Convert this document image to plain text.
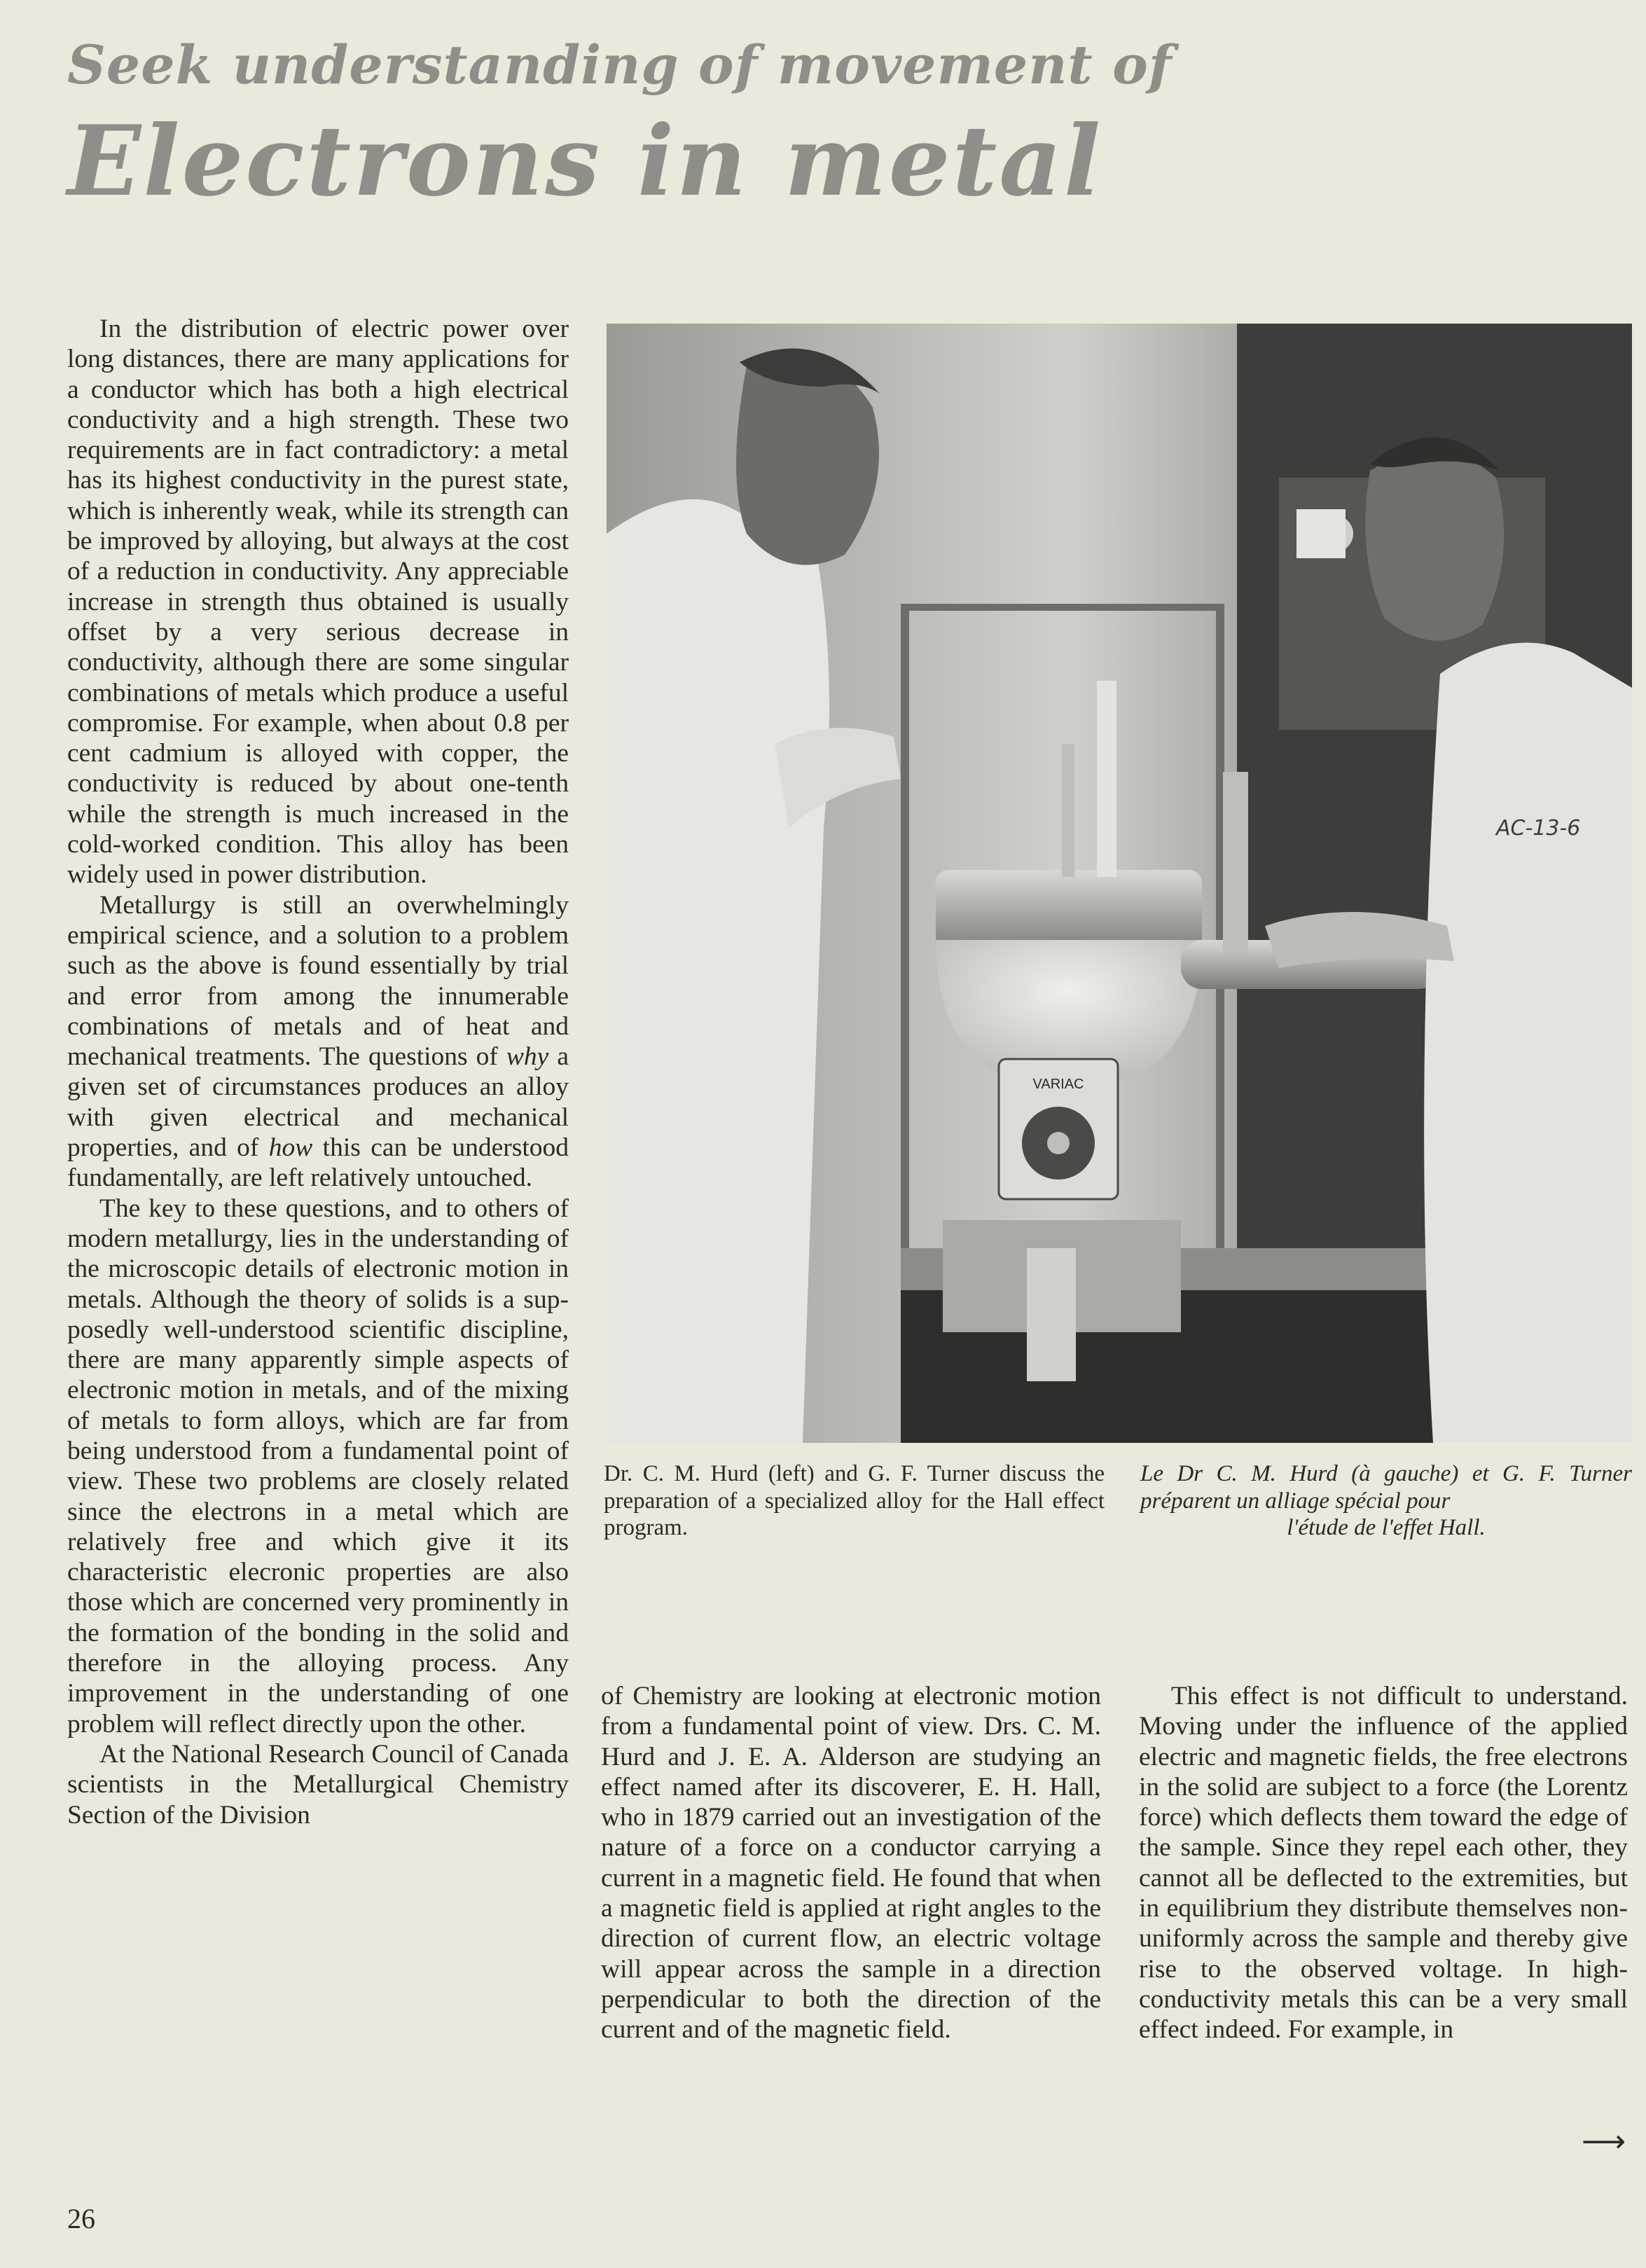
Seek understanding of movement of
Electrons in metal

In the distribution of electric power over long distances, there are many applications for a conductor which has both a high electrical conductivity and a high strength. These two requirements are in fact contradictory: a metal has its highest conductivity in the purest state, which is inherently weak, while its strength can be improved by alloying, but always at the cost of a reduction in conductivity. Any appreciable increase in strength thus obtained is usually offset by a very serious decrease in conductivity, although there are some singular combinations of metals which produce a useful compromise. For example, when about 0.8 per cent cadmium is alloyed with copper, the conductivity is reduced by about one-tenth while the strength is much increased in the cold-worked condition. This alloy has been widely used in power distribution.

Metallurgy is still an overwhelmingly empirical science, and a solution to a problem such as the above is found essentially by trial and error from among the innumerable combinations of metals and of heat and mechanical treatments. The questions of why a given set of circumstances produces an alloy with given electrical and mechanical properties, and of how this can be understood fundamentally, are left relatively untouched.

The key to these questions, and to others of modern metallurgy, lies in the understanding of the microscopic details of electronic motion in metals. Although the theory of solids is a supposedly well-understood scientific discipline, there are many apparently simple aspects of electronic motion in metals, and of the mixing of metals to form alloys, which are far from being understood from a fundamental point of view. These two problems are closely related since the electrons in a metal which are relatively free and which give it its characteristic elecronic properties are also those which are concerned very prominently in the formation of the bonding in the solid and therefore in the alloying process. Any improvement in the understanding of one problem will reflect directly upon the other.

At the National Research Council of Canada scientists in the Metallurgical Chemistry Section of the Division

VARIAC
AC-13-6
Dr. C. M. Hurd (left) and G. F. Turner discuss the preparation of a specialized alloy for the Hall effect program.
Le Dr C. M. Hurd (à gauche) et G. F. Turner préparent un alliage spécial pour
l'étude de l'effet Hall.

of Chemistry are looking at electronic motion from a fundamental point of view. Drs. C. M. Hurd and J. E. A. Alderson are studying an effect named after its discoverer, E. H. Hall, who in 1879 carried out an investigation of the nature of a force on a conductor carrying a current in a magnetic field. He found that when a magnetic field is applied at right angles to the direction of current flow, an electric voltage will appear across the sample in a direction perpendicular to both the direction of the current and of the magnetic field.

This effect is not difficult to understand. Moving under the influence of the applied electric and magnetic fields, the free electrons in the solid are subject to a force (the Lorentz force) which deflects them toward the edge of the sample. Since they repel each other, they cannot all be deflected to the extremities, but in equilibrium they distribute themselves non-uniformly across the sample and thereby give rise to the observed voltage. In high-conductivity metals this can be a very small effect indeed. For example, in

⟶
26
